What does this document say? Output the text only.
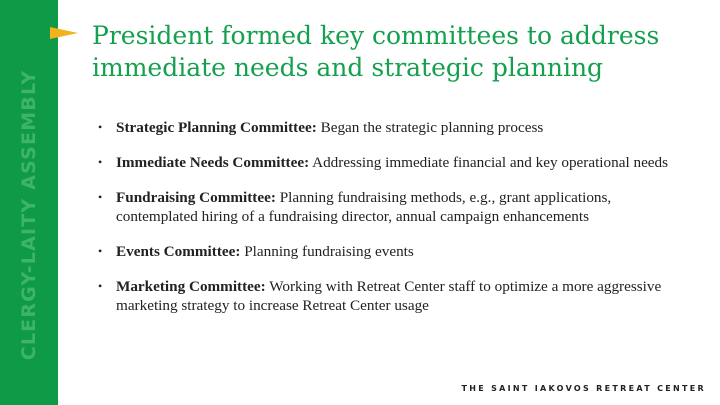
CLERGY-LAITY ASSEMBLY
President formed key committees to address immediate needs and strategic planning
• Strategic Planning Committee: Began the strategic planning process
• Immediate Needs Committee: Addressing immediate financial and key operational needs
• Fundraising Committee: Planning fundraising methods, e.g., grant applications, contemplated hiring of a fundraising director, annual campaign enhancements
• Events Committee: Planning fundraising events
• Marketing Committee: Working with Retreat Center staff to optimize a more aggressive marketing strategy to increase Retreat Center usage
THE SAINT IAKOVOS RETREAT CENTER
